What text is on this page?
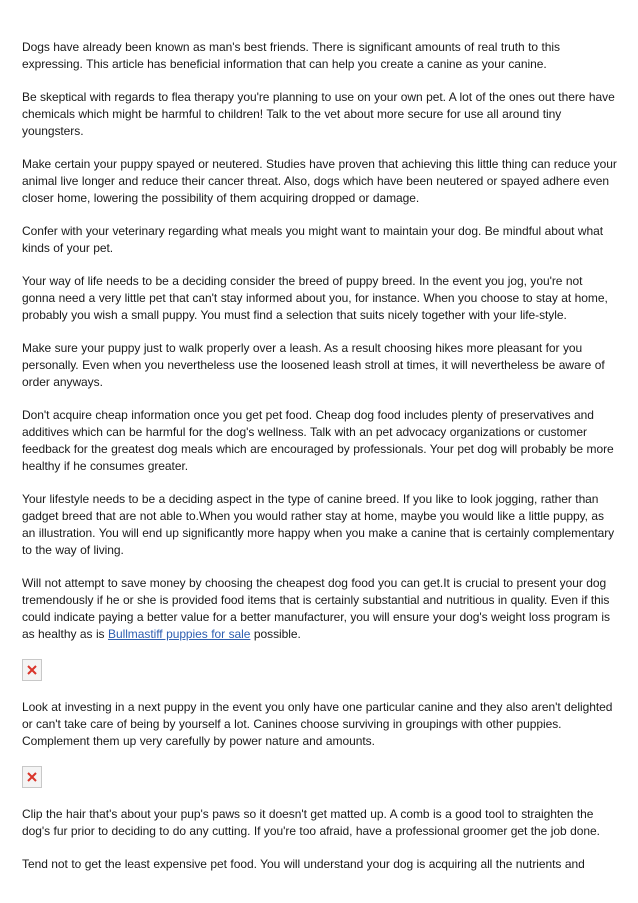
Dogs have already been known as man's best friends. There is significant amounts of real truth to this expressing. This article has beneficial information that can help you create a canine as your canine.

Be skeptical with regards to flea therapy you're planning to use on your own pet. A lot of the ones out there have chemicals which might be harmful to children! Talk to the vet about more secure for use all around tiny youngsters.

Make certain your puppy spayed or neutered. Studies have proven that achieving this little thing can reduce your animal live longer and reduce their cancer threat. Also, dogs which have been neutered or spayed adhere even closer home, lowering the possibility of them acquiring dropped or damage.

Confer with your veterinary regarding what meals you might want to maintain your dog. Be mindful about what kinds of your pet.

Your way of life needs to be a deciding consider the breed of puppy breed. In the event you jog, you're not gonna need a very little pet that can't stay informed about you, for instance. When you choose to stay at home, probably you wish a small puppy. You must find a selection that suits nicely together with your life-style.

Make sure your puppy just to walk properly over a leash. As a result choosing hikes more pleasant for you personally. Even when you nevertheless use the loosened leash stroll at times, it will nevertheless be aware of order anyways.

Don't acquire cheap information once you get pet food. Cheap dog food includes plenty of preservatives and additives which can be harmful for the dog's wellness. Talk with an pet advocacy organizations or customer feedback for the greatest dog meals which are encouraged by professionals. Your pet dog will probably be more healthy if he consumes greater.

Your lifestyle needs to be a deciding aspect in the type of canine breed. If you like to look jogging, rather than gadget breed that are not able to.When you would rather stay at home, maybe you would like a little puppy, as an illustration. You will end up significantly more happy when you make a canine that is certainly complementary to the way of living.

Will not attempt to save money by choosing the cheapest dog food you can get.It is crucial to present your dog tremendously if he or she is provided food items that is certainly substantial and nutritious in quality. Even if this could indicate paying a better value for a better manufacturer, you will ensure your dog's weight loss program is as healthy as is Bullmastiff puppies for sale possible.

Look at investing in a next puppy in the event you only have one particular canine and they also aren't delighted or can't take care of being by yourself a lot. Canines choose surviving in groupings with other puppies. Complement them up very carefully by power nature and amounts.

Clip the hair that's about your pup's paws so it doesn't get matted up. A comb is a good tool to straighten the dog's fur prior to deciding to do any cutting. If you're too afraid, have a professional groomer get the job done.

Tend not to get the least expensive pet food. You will understand your dog is acquiring all the nutrients and
